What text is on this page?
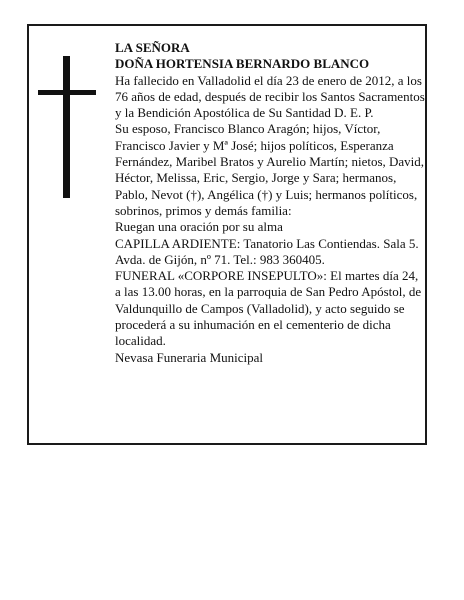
LA SEÑORA

DOÑA HORTENSIA BERNARDO BLANCO

Ha fallecido en Valladolid el día 23 de enero de 2012, a los 76 años de edad, después de recibir los Santos Sacramentos y la Bendición Apostólica de Su Santidad D. E. P.

Su esposo, Francisco Blanco Aragón; hijos, Víctor, Francisco Javier y Mª José; hijos políticos, Esperanza Fernández, Maribel Bratos y Aurelio Martín; nietos, David, Héctor, Melissa, Eric, Sergio, Jorge y Sara; hermanos, Pablo, Nevot (†), Angélica (†) y Luis; hermanos políticos, sobrinos, primos y demás familia:

Ruegan una oración por su alma

CAPILLA ARDIENTE: Tanatorio Las Contiendas. Sala 5. Avda. de Gijón, nº 71. Tel.: 983 360405.

FUNERAL «CORPORE INSEPULTO»: El martes día 24, a las 13.00 horas, en la parroquia de San Pedro Apóstol, de Valdunquillo de Campos (Valladolid), y acto seguido se procederá a su inhumación en el cementerio de dicha localidad.

Nevasa Funeraria Municipal
